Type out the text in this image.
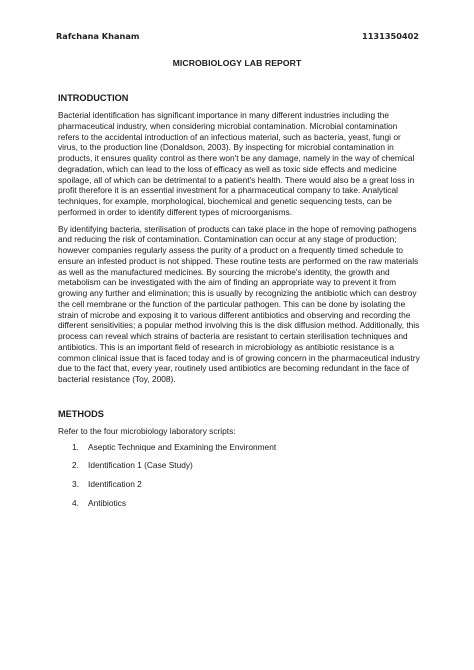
Rafchana Khanam	1131350402
MICROBIOLOGY LAB REPORT
INTRODUCTION

Bacterial identification has significant importance in many different industries including the pharmaceutical industry, when considering microbial contamination. Microbial contamination refers to the accidental introduction of an infectious material, such as bacteria, yeast, fungi or virus, to the production line (Donaldson, 2003). By inspecting for microbial contamination in products, it ensures quality control as there won't be any damage, namely in the way of chemical degradation, which can lead to the loss of efficacy as well as toxic side effects and medicine spoilage, all of which can be detrimental to a patient's health. There would also be a great loss in profit therefore it is an essential investment for a pharmaceutical company to take. Analytical techniques, for example, morphological, biochemical and genetic sequencing tests, can be performed in order to identify different types of microorganisms.

By identifying bacteria, sterilisation of products can take place in the hope of removing pathogens and reducing the risk of contamination. Contamination can occur at any stage of production; however companies regularly assess the purity of a product on a frequently timed schedule to ensure an infested product is not shipped. These routine tests are performed on the raw materials as well as the manufactured medicines. By sourcing the microbe's identity, the growth and metabolism can be investigated with the aim of finding an appropriate way to prevent it from growing any further and elimination; this is usually by recognizing the antibiotic which can destroy the cell membrane or the function of the particular pathogen. This can be done by isolating the strain of microbe and exposing it to various different antibiotics and observing and recording the different sensitivities; a popular method involving this is the disk diffusion method. Additionally, this process can reveal which strains of bacteria are resistant to certain sterilisation techniques and antibiotics. This is an important field of research in microbiology as antibiotic resistance is a common clinical issue that is faced today and is of growing concern in the pharmaceutical industry due to the fact that, every year, routinely used antibiotics are becoming redundant in the face of bacterial resistance (Toy, 2008).

METHODS

Refer to the four microbiology laboratory scripts:

1. Aseptic Technique and Examining the Environment
2. Identification 1 (Case Study)
3. Identification 2
4. Antibiotics
